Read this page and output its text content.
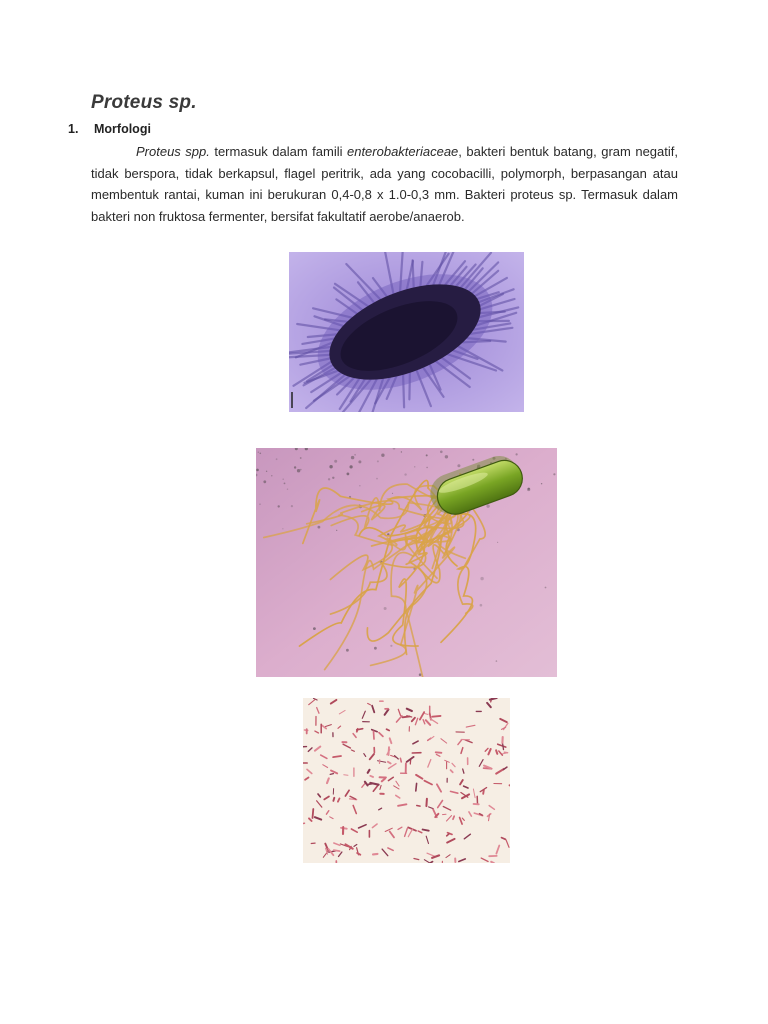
Proteus sp.
1. Morfologi

Proteus spp. termasuk dalam famili enterobakteriaceae, bakteri bentuk batang, gram negatif, tidak berspora, tidak berkapsul, flagel peritrik, ada yang cocobacilli, polymorph, berpasangan atau membentuk rantai, kuman ini berukuran 0,4-0,8 x 1.0-0,3 mm. Bakteri proteus sp. Termasuk dalam bakteri non fruktosa fermenter, bersifat fakultatif aerobe/anaerob.
